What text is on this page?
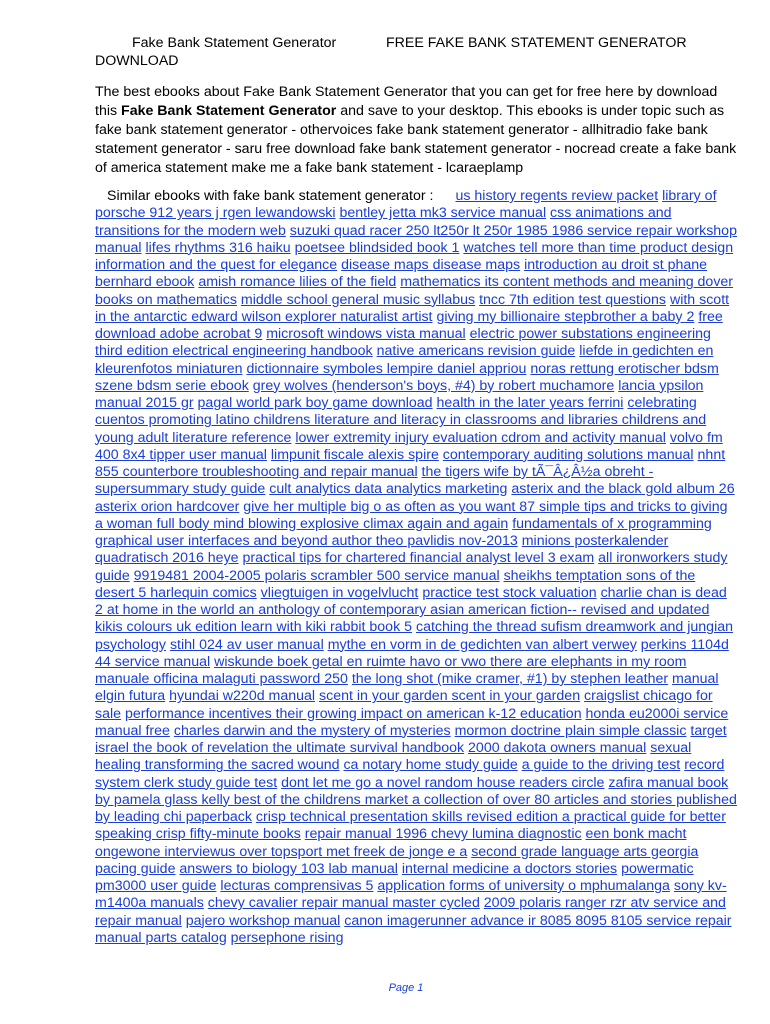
Fake Bank Statement Generator	FREE FAKE BANK STATEMENT GENERATOR
DOWNLOAD
The best ebooks about Fake Bank Statement Generator that you can get for free here by download this Fake Bank Statement Generator and save to your desktop. This ebooks is under topic such as fake bank statement generator - othervoices fake bank statement generator - allhitradio fake bank statement generator - saru free download fake bank statement generator - nocread create a fake bank of america statement make me a fake bank statement - lcaraeplamp
Similar ebooks with fake bank statement generator : us history regents review packet library of porsche 912 years j rgen lewandowski bentley jetta mk3 service manual css animations and transitions for the modern web suzuki quad racer 250 lt250r lt 250r 1985 1986 service repair workshop manual lifes rhythms 316 haiku poetsee blindsided book 1 watches tell more than time product design information and the quest for elegance disease maps disease maps introduction au droit st phane bernhard ebook amish romance lilies of the field mathematics its content methods and meaning dover books on mathematics middle school general music syllabus tncc 7th edition test questions with scott in the antarctic edward wilson explorer naturalist artist giving my billionaire stepbrother a baby 2 free download adobe acrobat 9 microsoft windows vista manual electric power substations engineering third edition electrical engineering handbook native americans revision guide liefde in gedichten en kleurenfotos miniaturen dictionnaire symboles lempire daniel appriou noras rettung erotischer bdsm szene bdsm serie ebook grey wolves (henderson's boys, #4) by robert muchamore lancia ypsilon manual 2015 gr pagal world park boy game download health in the later years ferrini celebrating cuentos promoting latino childrens literature and literacy in classrooms and libraries childrens and young adult literature reference lower extremity injury evaluation cdrom and activity manual volvo fm 400 8x4 tipper user manual limpunit fiscale alexis spire contemporary auditing solutions manual nhnt 855 counterbore troubleshooting and repair manual the tigers wife by tÃ¯Â¿Â½a obreht - supersummary study guide cult analytics data analytics marketing asterix and the black gold album 26 asterix orion hardcover give her multiple big o as often as you want 87 simple tips and tricks to giving a woman full body mind blowing explosive climax again and again fundamentals of x programming graphical user interfaces and beyond author theo pavlidis nov-2013 minions posterkalender quadratisch 2016 heye practical tips for chartered financial analyst level 3 exam all ironworkers study guide 9919481 2004-2005 polaris scrambler 500 service manual sheikhs temptation sons of the desert 5 harlequin comics vliegtuigen in vogelvlucht practice test stock valuation charlie chan is dead 2 at home in the world an anthology of contemporary asian american fiction-- revised and updated kikis colours uk edition learn with kiki rabbit book 5 catching the thread sufism dreamwork and jungian psychology stihl 024 av user manual mythe en vorm in de gedichten van albert verwey perkins 1104d 44 service manual wiskunde boek getal en ruimte havo or vwo there are elephants in my room manuale officina malaguti password 250 the long shot (mike cramer, #1) by stephen leather manual elgin futura hyundai w220d manual scent in your garden scent in your garden craigslist chicago for sale performance incentives their growing impact on american k-12 education honda eu2000i service manual free charles darwin and the mystery of mysteries mormon doctrine plain simple classic target israel the book of revelation the ultimate survival handbook 2000 dakota owners manual sexual healing transforming the sacred wound ca notary home study guide a guide to the driving test record system clerk study guide test dont let me go a novel random house readers circle zafira manual book by pamela glass kelly best of the childrens market a collection of over 80 articles and stories published by leading chi paperback crisp technical presentation skills revised edition a practical guide for better speaking crisp fifty-minute books repair manual 1996 chevy lumina diagnostic een bonk macht ongewone interviewus over topsport met freek de jonge e a second grade language arts georgia pacing guide answers to biology 103 lab manual internal medicine a doctors stories powermatic pm3000 user guide lecturas comprensivas 5 application forms of university o mphumalanga sony kv-m1400a manuals chevy cavalier repair manual master cycled 2009 polaris ranger rzr atv service and repair manual pajero workshop manual canon imagerunner advance ir 8085 8095 8105 service repair manual parts catalog persephone rising
Page 1
